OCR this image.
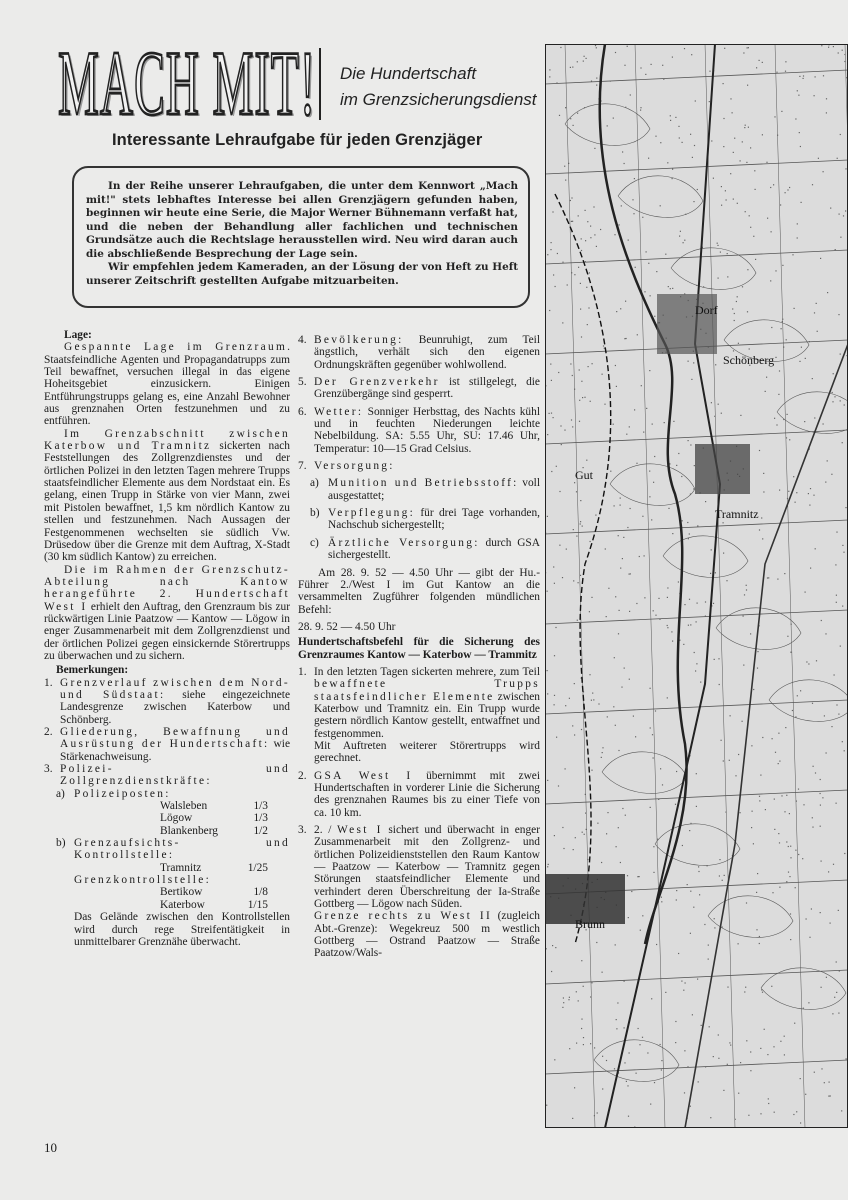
MACH MIT! Die Hundertschaft
im Grenzsicherungsdienst
Interessante Lehraufgabe für jeden Grenzjäger

In der Reihe unserer Lehraufgaben, die unter dem Kennwort „Mach mit!" stets lebhaftes Interesse bei allen Grenzjägern gefunden haben, beginnen wir heute eine Serie, die Major Werner Bühnemann verfaßt hat, und die neben der Behandlung aller fachlichen und technischen Grundsätze auch die Rechtslage herausstellen wird. Neu wird daran auch die abschließende Besprechung der Lage sein.

Wir empfehlen jedem Kameraden, an der Lösung der von Heft zu Heft unserer Zeitschrift gestellten Aufgabe mitzuarbeiten.

Lage:
Gespannte Lage im Grenzraum. Staatsfeindliche Agenten und Propagandatrupps zum Teil bewaffnet, versuchen illegal in das eigene Hoheitsgebiet einzusickern. Einigen Entführungstrupps gelang es, eine Anzahl Bewohner aus grenznahen Orten festzunehmen und zu entführen.
Im Grenzabschnitt zwischen Katerbow und Tramnitz sickerten nach Feststellungen des Zollgrenzdienstes und der örtlichen Polizei in den letzten Tagen mehrere Trupps staatsfeindlicher Elemente aus dem Nordstaat ein. Es gelang, einen Trupp in Stärke von vier Mann, zwei mit Pistolen bewaffnet, 1,5 km nördlich Kantow zu stellen und festzunehmen. Nach Aussagen der Festgenommenen wechselten sie südlich Vw. Drüsedow über die Grenze mit dem Auftrag, X-Stadt (30 km südlich Kantow) zu erreichen.
Die im Rahmen der Grenzschutz-Abteilung nach Kantow herangeführte 2. Hundertschaft West I erhielt den Auftrag, den Grenzraum bis zur rückwärtigen Linie Paatzow — Kantow — Lögow in enger Zusammenarbeit mit dem Zollgrenzdienst und der örtlichen Polizei gegen einsickernde Störertrupps zu überwachen und zu sichern.
Bemerkungen:
1. Grenzverlauf zwischen dem Nord- und Südstaat: siehe eingezeichnete Landesgrenze zwischen Katerbow und Schönberg.
2. Gliederung, Bewaffnung und Ausrüstung der Hundertschaft: wie Stärkenachweisung.
3. Polizei- und Zollgrenzdienstkräfte:
a) Polizeiposten:
Walsleben	1/3
Lögow	1/3
Blankenberg	1/2
b) Grenzaufsichts- und Kontrollstelle:
Tramnitz	1/25
Grenzkontrollstelle:
Bertikow	1/8
Katerbow	1/15
Das Gelände zwischen den Kontrollstellen wird durch rege Streifentätigkeit in unmittelbarer Grenznähe überwacht.
4. Bevölkerung: Beunruhigt, zum Teil ängstlich, verhält sich den eigenen Ordnungskräften gegenüber wohlwollend.
5. Der Grenzverkehr ist stillgelegt, die Grenzübergänge sind gesperrt.
6. Wetter: Sonniger Herbsttag, des Nachts kühl und in feuchten Niederungen leichte Nebelbildung. SA: 5.55 Uhr, SU: 17.46 Uhr, Temperatur: 10—15 Grad Celsius.
7. Versorgung:
a) Munition und Betriebsstoff: voll ausgestattet;
b) Verpflegung: für drei Tage vorhanden, Nachschub sichergestellt;
c) Ärztliche Versorgung: durch GSA sichergestellt.
Am 28. 9. 52 — 4.50 Uhr — gibt der Hu.-Führer 2./West I im Gut Kantow an die versammelten Zugführer folgenden mündlichen Befehl:
28. 9. 52 — 4.50 Uhr
Hundertschaftsbefehl für die Sicherung des Grenzraumes Kantow — Katerbow — Trammitz
1. In den letzten Tagen sickerten mehrere, zum Teil bewaffnete Trupps staatsfeindlicher Elemente zwischen Katerbow und Tramnitz ein. Ein Trupp wurde gestern nördlich Kantow gestellt, entwaffnet und festgenommen.
Mit Auftreten weiterer Störertrupps wird gerechnet.
2. GSA West I übernimmt mit zwei Hundertschaften in vorderer Linie die Sicherung des grenznahen Raumes bis zu einer Tiefe von ca. 10 km.
3. 2. / West I sichert und überwacht in enger Zusammenarbeit mit den Zollgrenz- und örtlichen Polizeidienststellen den Raum Kantow — Paatzow — Katerbow — Tramnitz gegen Störungen staatsfeindlicher Elemente und verhindert deren Überschreitung der Ia-Straße Gottberg — Lögow nach Süden.
Grenze rechts zu West II (zugleich Abt.-Grenze): Wegekreuz 500 m westlich Gottberg — Ostrand Paatzow — Straße Paatzow/Wals-
Dorf
Schönberg
Gut
Tramnitz
Brunn
10
